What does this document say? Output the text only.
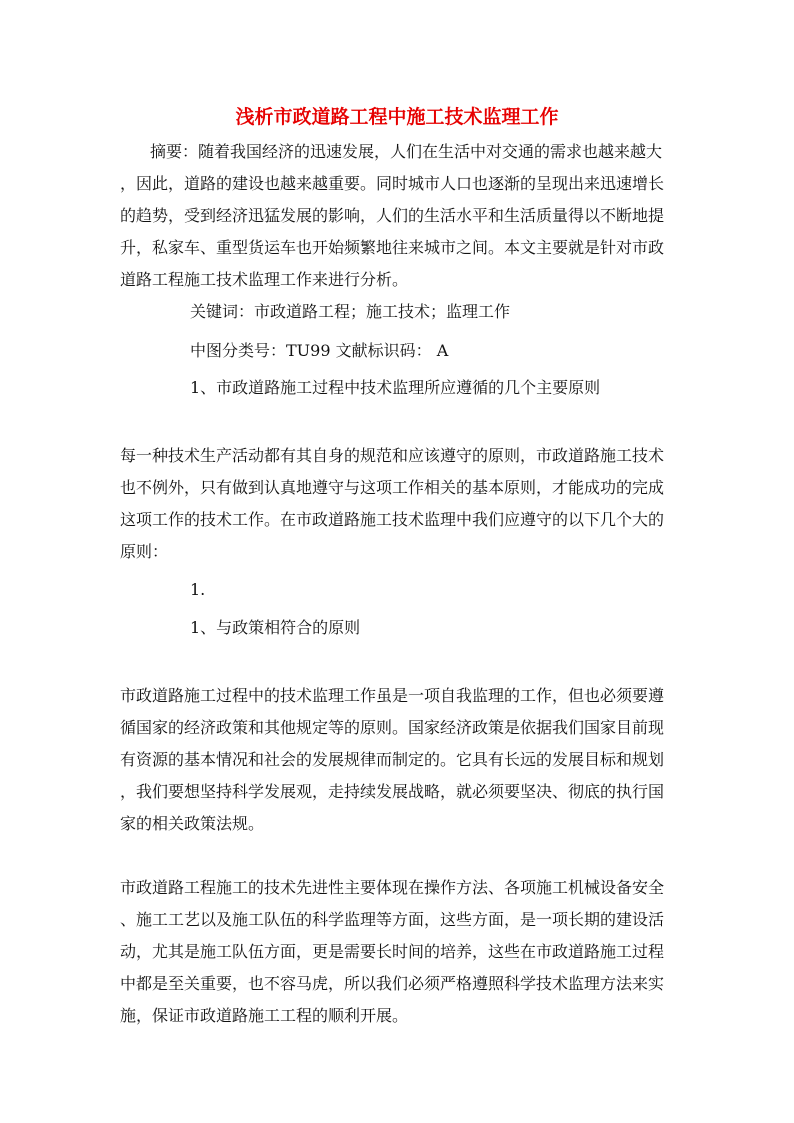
浅析市政道路工程中施工技术监理工作
摘要：随着我国经济的迅速发展，人们在生活中对交通的需求也越来越大
，因此，道路的建设也越来越重要。同时城市人口也逐渐的呈现出来迅速增长
的趋势，受到经济迅猛发展的影响，人们的生活水平和生活质量得以不断地提
升，私家车、重型货运车也开始频繁地往来城市之间。本文主要就是针对市政
道路工程施工技术监理工作来进行分析。
关键词：市政道路工程；施工技术；监理工作
中图分类号：TU99 文献标识码： A
1、市政道路施工过程中技术监理所应遵循的几个主要原则
每一种技术生产活动都有其自身的规范和应该遵守的原则，市政道路施工技术
也不例外，只有做到认真地遵守与这项工作相关的基本原则，才能成功的完成
这项工作的技术工作。在市政道路施工技术监理中我们应遵守的以下几个大的
原则：
1.
1、与政策相符合的原则
市政道路施工过程中的技术监理工作虽是一项自我监理的工作，但也必须要遵
循国家的经济政策和其他规定等的原则。国家经济政策是依据我们国家目前现
有资源的基本情况和社会的发展规律而制定的。它具有长远的发展目标和规划
，我们要想坚持科学发展观，走持续发展战略，就必须要坚决、彻底的执行国
家的相关政策法规。
市政道路工程施工的技术先进性主要体现在操作方法、各项施工机械设备安全
、施工工艺以及施工队伍的科学监理等方面，这些方面，是一项长期的建设活
动，尤其是施工队伍方面，更是需要长时间的培养，这些在市政道路施工过程
中都是至关重要，也不容马虎，所以我们必须严格遵照科学技术监理方法来实
施，保证市政道路施工工程的顺利开展。
